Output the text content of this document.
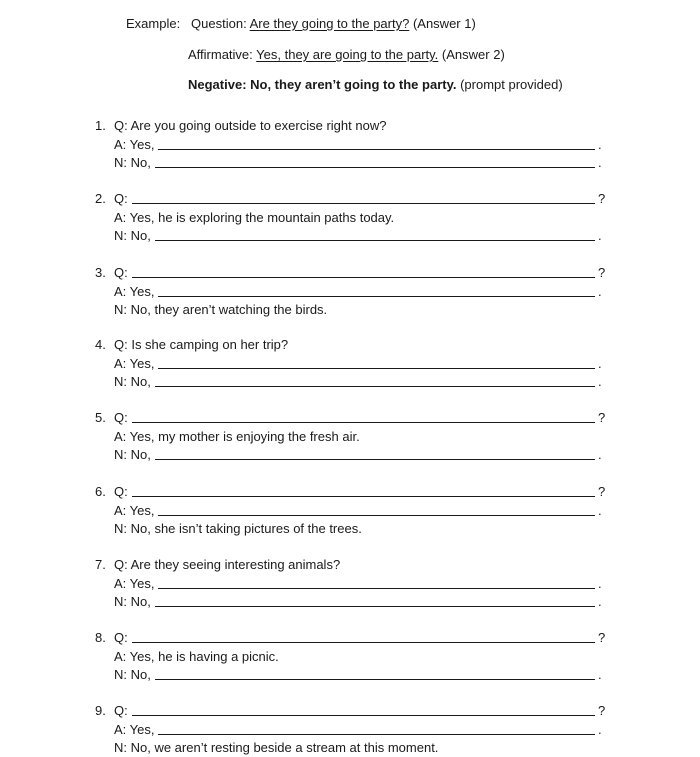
Example: Question: Are they going to the party? (Answer 1)
Affirmative: Yes, they are going to the party. (Answer 2)
Negative: No, they aren’t going to the party. (prompt provided)
1. Q: Are you going outside to exercise right now?
A: Yes,	.
N: No,	.
2. Q:	?
A: Yes, he is exploring the mountain paths today.
N: No,	.
3. Q:	?
A: Yes,	.
N: No, they aren’t watching the birds.
4. Q: Is she camping on her trip?
A: Yes,	.
N: No,	.
5. Q:	?
A: Yes, my mother is enjoying the fresh air.
N: No,	.
6. Q:	?
A: Yes,	.
N: No, she isn’t taking pictures of the trees.
7. Q: Are they seeing interesting animals?
A: Yes,	.
N: No,	.
8. Q:	?
A: Yes, he is having a picnic.
N: No,	.
9. Q:	?
A: Yes,	.
N: No, we aren’t resting beside a stream at this moment.
